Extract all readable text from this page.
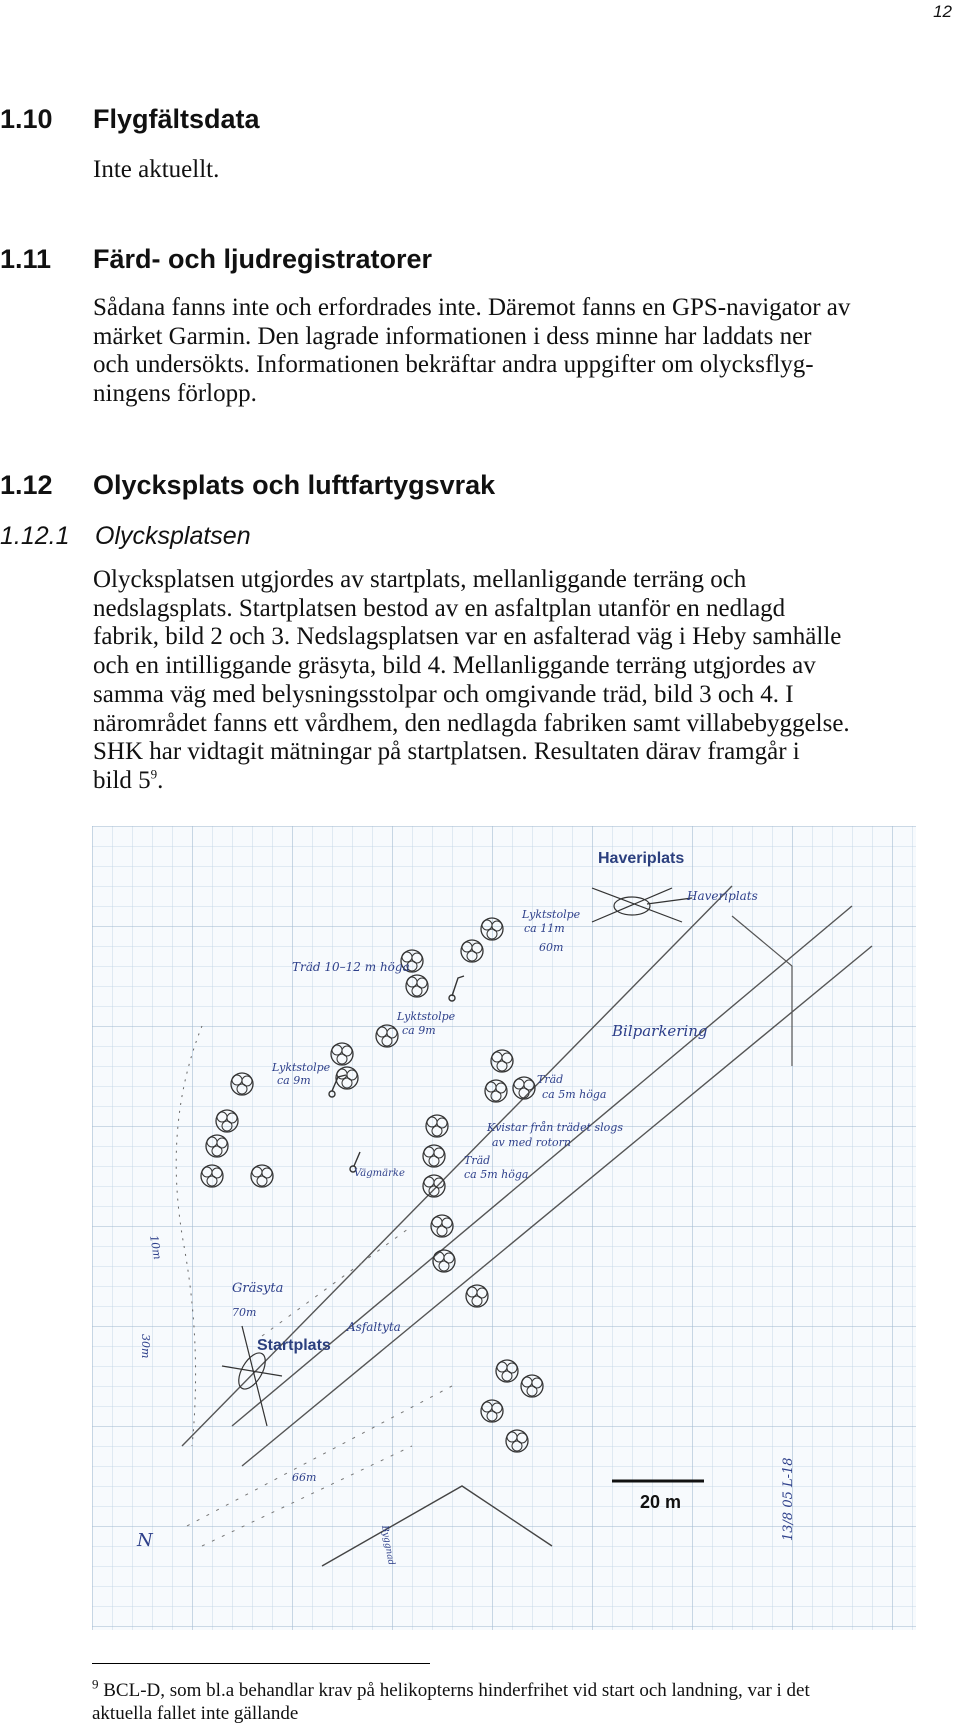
12
1.10 Flygfältsdata

Inte aktuellt.

1.11 Färd- och ljudregistratorer

Sådana fanns inte och erfordrades inte. Däremot fanns en GPS-navigator av

märket Garmin. Den lagrade informationen i dess minne har laddats ner

och undersökts. Informationen bekräftar andra uppgifter om olycksflyg-

ningens förlopp.

1.12 Olycksplats och luftfartygsvrak
1.12.1 Olycksplatsen

Olycksplatsen utgjordes av startplats, mellanliggande terräng och

nedslagsplats. Startplatsen bestod av en asfaltplan utanför en nedlagd

fabrik, bild 2 och 3. Nedslagsplatsen var en asfalterad väg i Heby samhälle

och en intilliggande gräsyta, bild 4. Mellanliggande terräng utgjordes av

samma väg med belysningsstolpar och omgivande träd, bild 3 och 4. I

närområdet fanns ett vårdhem, den nedlagda fabriken samt villabebyggelse.

SHK har vidtagit mätningar på startplatsen. Resultaten därav framgår i

bild $5^9$.

Haveriplats
Startplats
20 m
Haveriplats
Lyktstolpe
ca 11m
60m
Träd 10–12 m höga
Lyktstolpe
ca 9m	Bilparkering
Lyktstolpe
ca 9m	Träd
ca 5m höga
Kvistar från trädet slogs
av med rotorn
Vägmärke
Träd
ca 5m höga
10m
Gräsyta
70m
30m
Asfaltyta
66m
N	Byggnad
13/8 05 L-18
$^9$ BCL-D, som bl.a behandlar krav på helikopterns hinderfrihet vid start och landning, var i det
aktuella fallet inte gällande
